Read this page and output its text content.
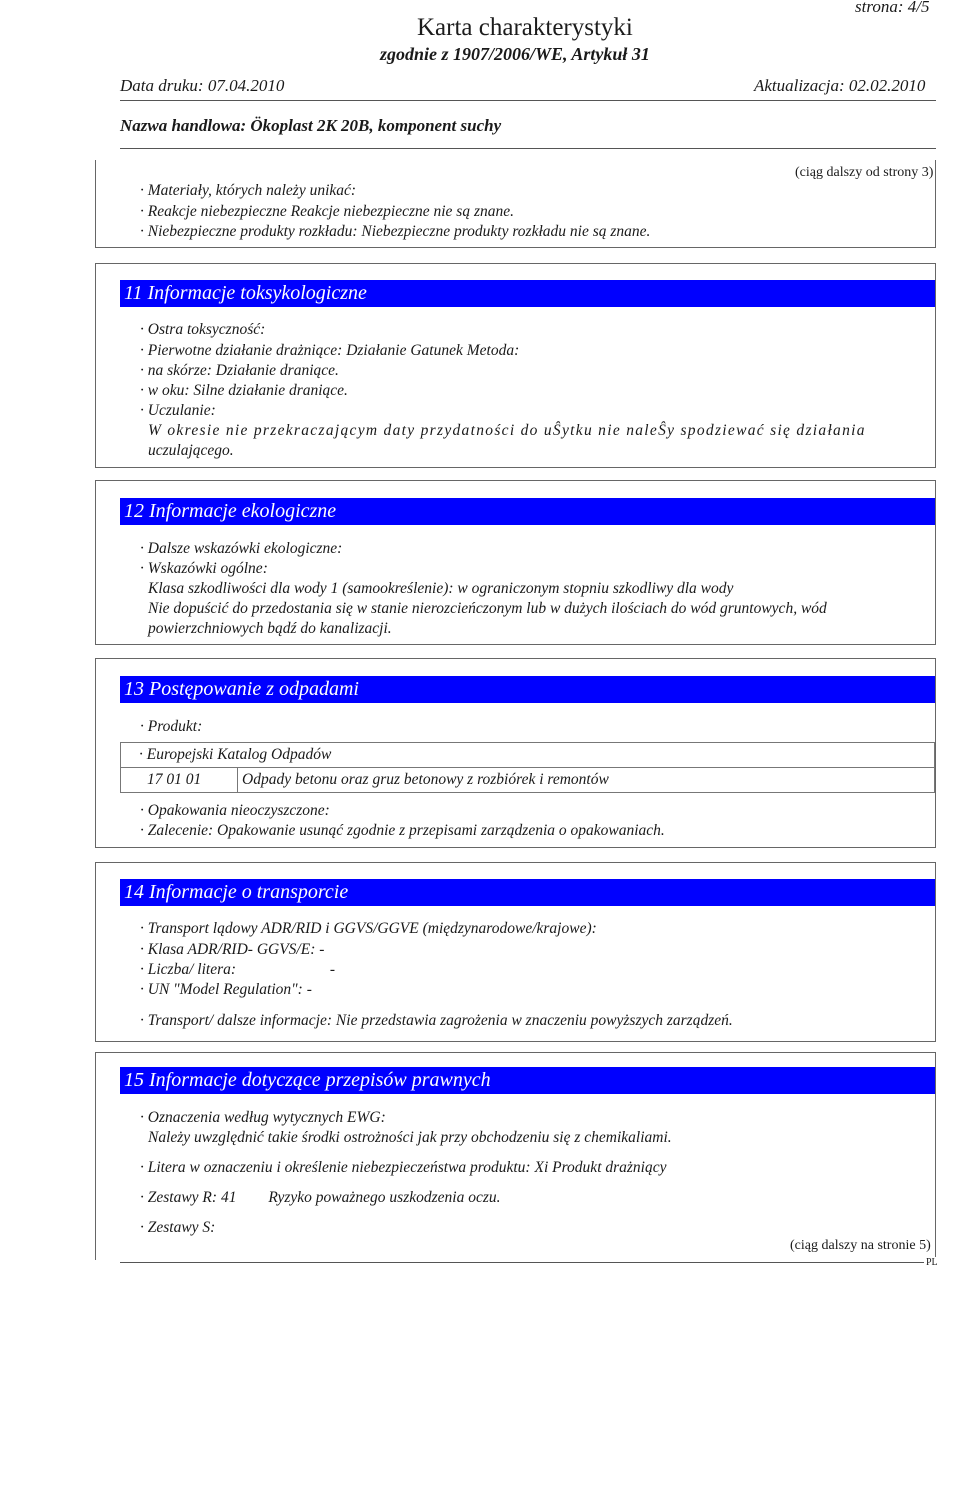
strona: 4/5
Karta charakterystyki
zgodnie z 1907/2006/WE, Artykuł 31
Data druku: 07.04.2010	Aktualizacja: 02.02.2010
Nazwa handlowa: Ökoplast 2K 20B, komponent suchy
(ciąg dalszy od strony 3)
· Materiały, których należy unikać:
· Reakcje niebezpieczne Reakcje niebezpieczne nie są znane.
· Niebezpieczne produkty rozkładu: Niebezpieczne produkty rozkładu nie są znane.
11 Informacje toksykologiczne
· Ostra toksyczność:
· Pierwotne działanie drażniące: Działanie Gatunek Metoda:
· na skórze: Działanie draniące.
· w oku: Silne działanie draniące.
· Uczulanie:
W okresie nie przekraczającym daty przydatności do uŜytku nie naleŜy spodziewać się działania
uczulającego.
12 Informacje ekologiczne
· Dalsze wskazówki ekologiczne:
· Wskazówki ogólne:
Klasa szkodliwości dla wody 1 (samookreślenie): w ograniczonym stopniu szkodliwy dla wody
Nie dopuścić do przedostania się w stanie nierozcieńczonym lub w dużych ilościach do wód gruntowych, wód
powierzchniowych bądź do kanalizacji.
13 Postępowanie z odpadami
· Produkt:
· Europejski Katalog Odpadów
17 01 01	Odpady betonu oraz gruz betonowy z rozbiórek i remontów
· Opakowania nieoczyszczone:
· Zalecenie: Opakowanie usunąć zgodnie z przepisami zarządzenia o opakowaniach.
14 Informacje o transporcie
· Transport lądowy ADR/RID i GGVS/GGVE (międzynarodowe/krajowe):
· Klasa ADR/RID- GGVS/E: -
· Liczba/ litera:	-
· UN "Model Regulation": -
· Transport/ dalsze informacje: Nie przedstawia zagrożenia w znaczeniu powyższych zarządzeń.
15 Informacje dotyczące przepisów prawnych
· Oznaczenia według wytycznych EWG:
Należy uwzględnić takie środki ostrożności jak przy obchodzeniu się z chemikaliami.
· Litera w oznaczeniu i określenie niebezpieczeństwa produktu: Xi Produkt drażniący
· Zestawy R: 41 Ryzyko poważnego uszkodzenia oczu.
· Zestawy S:
(ciąg dalszy na stronie 5)
PL
